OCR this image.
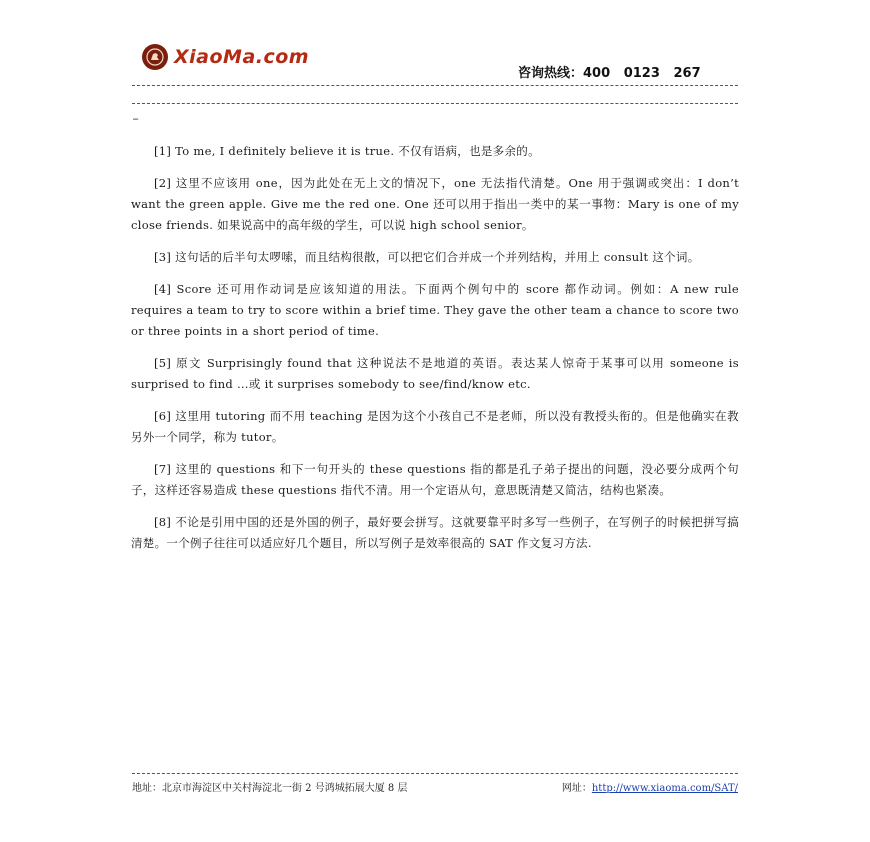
XiaoMa.com
咨询热线：400   0123   267
–

[1] To me, I definitely believe it is true. 不仅有语病，也是多余的。

[2] 这里不应该用 one，因为此处在无上文的情况下，one 无法指代清楚。One 用于强调或突出：I don’t want the green apple. Give me the red one. One 还可以用于指出一类中的某一事物：Mary is one of my close friends. 如果说高中的高年级的学生，可以说 high school senior。

[3] 这句话的后半句太啰嗦，而且结构很散，可以把它们合并成一个并列结构，并用上 consult 这个词。

[4] Score 还可用作动词是应该知道的用法。下面两个例句中的 score 都作动词。例如：A new rule requires a team to try to score within a brief time. They gave the other team a chance to score two or three points in a short period of time.

[5] 原文 Surprisingly found that 这种说法不是地道的英语。表达某人惊奇于某事可以用 someone is surprised to find …或 it surprises somebody to see/find/know etc.

[6] 这里用 tutoring 而不用 teaching 是因为这个小孩自己不是老师，所以没有教授头衔的。但是他确实在教另外一个同学，称为 tutor。

[7] 这里的 questions 和下一句开头的 these questions 指的都是孔子弟子提出的问题，没必要分成两个句子，这样还容易造成 these questions 指代不清。用一个定语从句，意思既清楚又简洁，结构也紧凑。

[8] 不论是引用中国的还是外国的例子，最好要会拼写。这就要靠平时多写一些例子，在写例子的时候把拼写搞清楚。一个例子往往可以适应好几个题目，所以写例子是效率很高的 SAT 作文复习方法.

地址：北京市海淀区中关村海淀北一街 2 号鸿城拓展大厦 8 层	网址：http://www.xiaoma.com/SAT/
